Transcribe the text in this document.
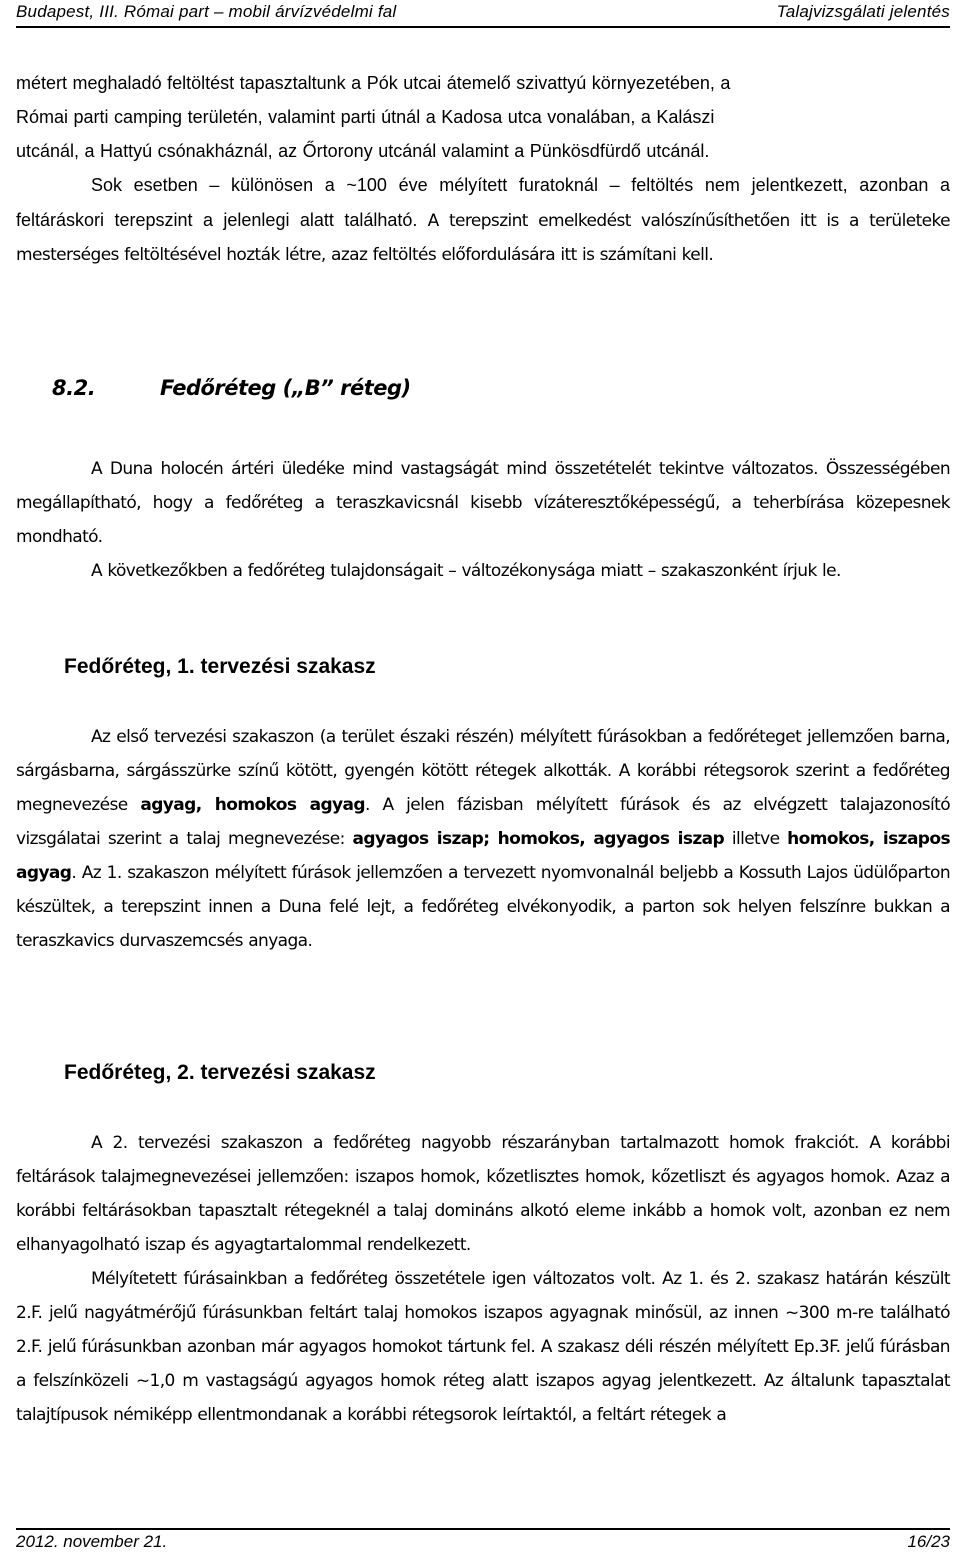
Budapest, III. Római part – mobil árvízvédelmi fal	Talajvizsgálati jelentés

métert meghaladó feltöltést tapasztaltunk a Pók utcai átemelő szivattyú környezetében, a
Római parti camping területén, valamint parti útnál a Kadosa utca vonalában, a Kalászi
utcánál, a Hattyú csónakháznál, az Őrtorony utcánál valamint a Pünkösdfürdő utcánál.

Sok esetben – különösen a ~100 éve mélyített furatoknál – feltöltés nem jelentkezett, azonban a feltáráskori terepszint a jelenlegi alatt található. A terepszint emelkedést valószínűsíthetően itt is a területeke mesterséges feltöltésével hozták létre, azaz feltöltés előfordulására itt is számítani kell.

8.2.	Fedőréteg („B” réteg)

A Duna holocén ártéri üledéke mind vastagságát mind összetételét tekintve változatos. Összességében megállapítható, hogy a fedőréteg a teraszkavicsnál kisebb vízáteresztőképességű, a teherbírása közepesnek mondható.

A következőkben a fedőréteg tulajdonságait – változékonysága miatt – szakaszonként írjuk le.

Fedőréteg, 1. tervezési szakasz

Az első tervezési szakaszon (a terület északi részén) mélyített fúrásokban a fedőréteget jellemzően barna, sárgásbarna, sárgásszürke színű kötött, gyengén kötött rétegek alkották. A korábbi rétegsorok szerint a fedőréteg megnevezése agyag, homokos agyag. A jelen fázisban mélyített fúrások és az elvégzett talajazonosító vizsgálatai szerint a talaj megnevezése: agyagos iszap; homokos, agyagos iszap illetve homokos, iszapos agyag. Az 1. szakaszon mélyített fúrások jellemzően a tervezett nyomvonalnál beljebb a Kossuth Lajos üdülőparton készültek, a terepszint innen a Duna felé lejt, a fedőréteg elvékonyodik, a parton sok helyen felszínre bukkan a teraszkavics durvaszemcsés anyaga.

Fedőréteg, 2. tervezési szakasz

A 2. tervezési szakaszon a fedőréteg nagyobb részarányban tartalmazott homok frakciót. A korábbi feltárások talajmegnevezései jellemzően: iszapos homok, kőzetlisztes homok, kőzetliszt és agyagos homok. Azaz a korábbi feltárásokban tapasztalt rétegeknél a talaj domináns alkotó eleme inkább a homok volt, azonban ez nem elhanyagolható iszap és agyagtartalommal rendelkezett.

Mélyítetett fúrásainkban a fedőréteg összetétele igen változatos volt. Az 1. és 2. szakasz határán készült 2.F. jelű nagyátmérőjű fúrásunkban feltárt talaj homokos iszapos agyagnak minősül, az innen ~300 m-re található 2.F. jelű fúrásunkban azonban már agyagos homokot tártunk fel. A szakasz déli részén mélyített Ep.3F. jelű fúrásban a felszínközeli ~1,0 m vastagságú agyagos homok réteg alatt iszapos agyag jelentkezett. Az általunk tapasztalat talajtípusok némiképp ellentmondanak a korábbi rétegsorok leírtaktól, a feltárt rétegek a

2012. november 21.	16/23
